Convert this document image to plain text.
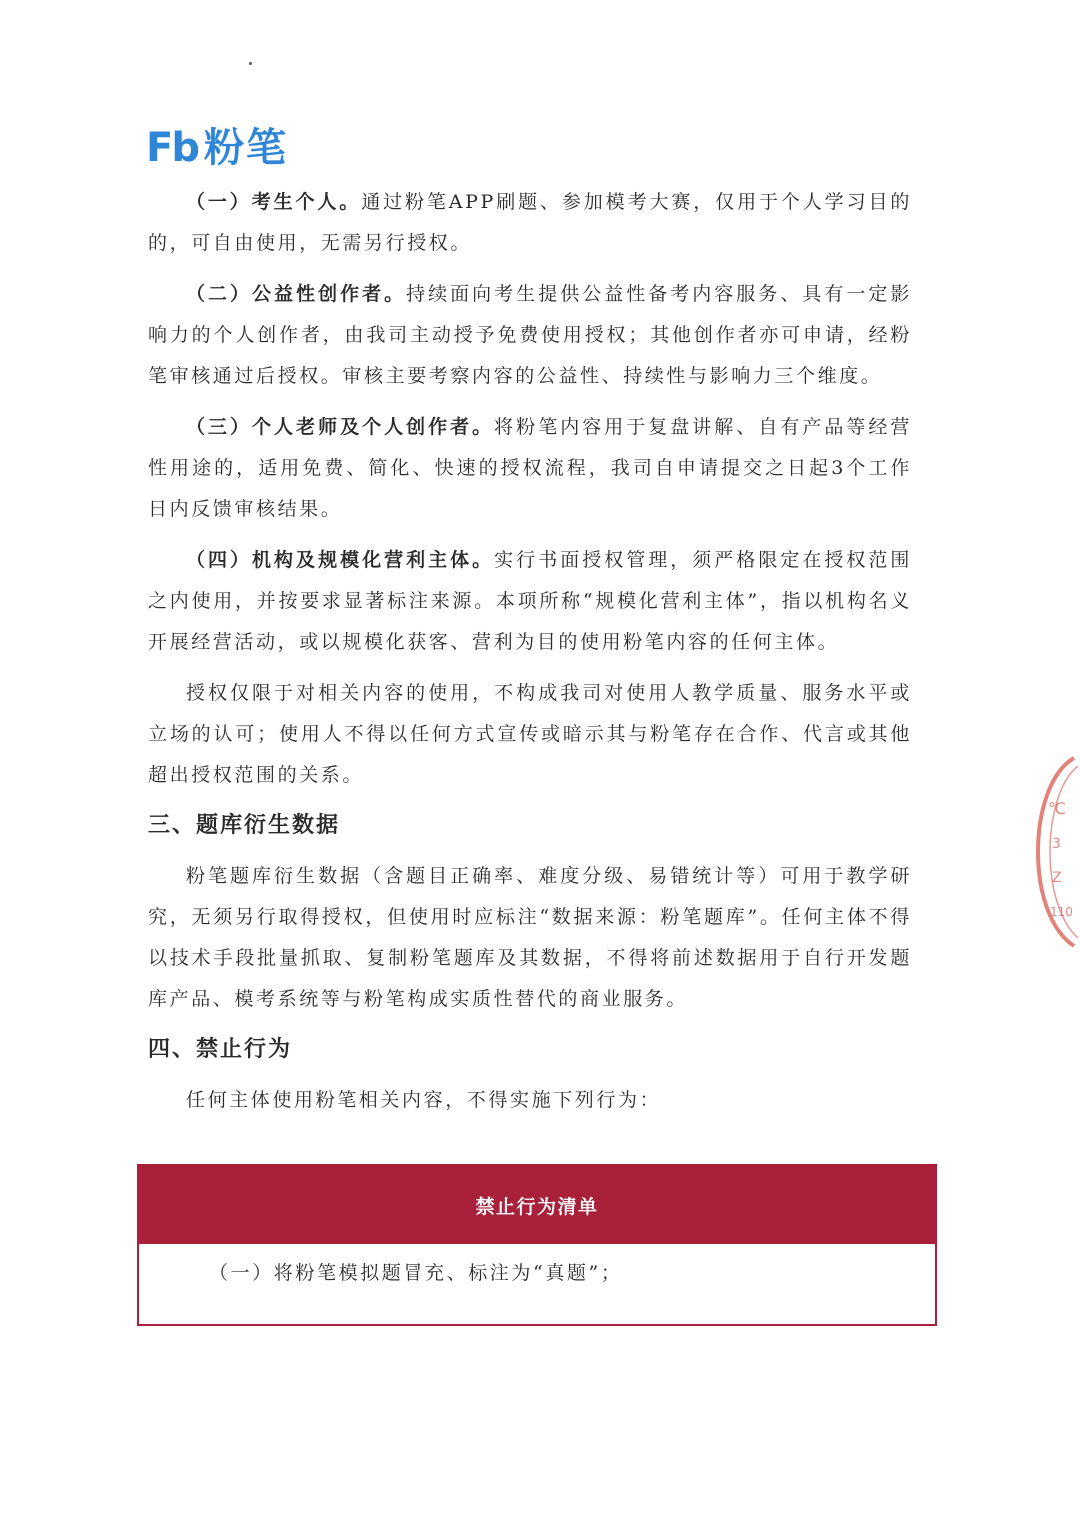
Fb 粉笔

（一）考生个人。通过粉笔APP刷题、参加模考大赛，仅用于个人学习目的的，可自由使用，无需另行授权。

（二）公益性创作者。持续面向考生提供公益性备考内容服务、具有一定影响力的个人创作者，由我司主动授予免费使用授权；其他创作者亦可申请，经粉笔审核通过后授权。审核主要考察内容的公益性、持续性与影响力三个维度。

（三）个人老师及个人创作者。将粉笔内容用于复盘讲解、自有产品等经营性用途的，适用免费、简化、快速的授权流程，我司自申请提交之日起3个工作日内反馈审核结果。

（四）机构及规模化营利主体。实行书面授权管理，须严格限定在授权范围之内使用，并按要求显著标注来源。本项所称“规模化营利主体”，指以机构名义开展经营活动，或以规模化获客、营利为目的使用粉笔内容的任何主体。

授权仅限于对相关内容的使用，不构成我司对使用人教学质量、服务水平或立场的认可；使用人不得以任何方式宣传或暗示其与粉笔存在合作、代言或其他超出授权范围的关系。

三、题库衍生数据

粉笔题库衍生数据（含题目正确率、难度分级、易错统计等）可用于教学研究，无须另行取得授权，但使用时应标注“数据来源：粉笔题库”。任何主体不得以技术手段批量抓取、复制粉笔题库及其数据，不得将前述数据用于自行开发题库产品、模考系统等与粉笔构成实质性替代的商业服务。

四、禁止行为

任何主体使用粉笔相关内容，不得实施下列行为：

禁止行为清单
（一）将粉笔模拟题冒充、标注为“真题”；
℃
3
Z
110
